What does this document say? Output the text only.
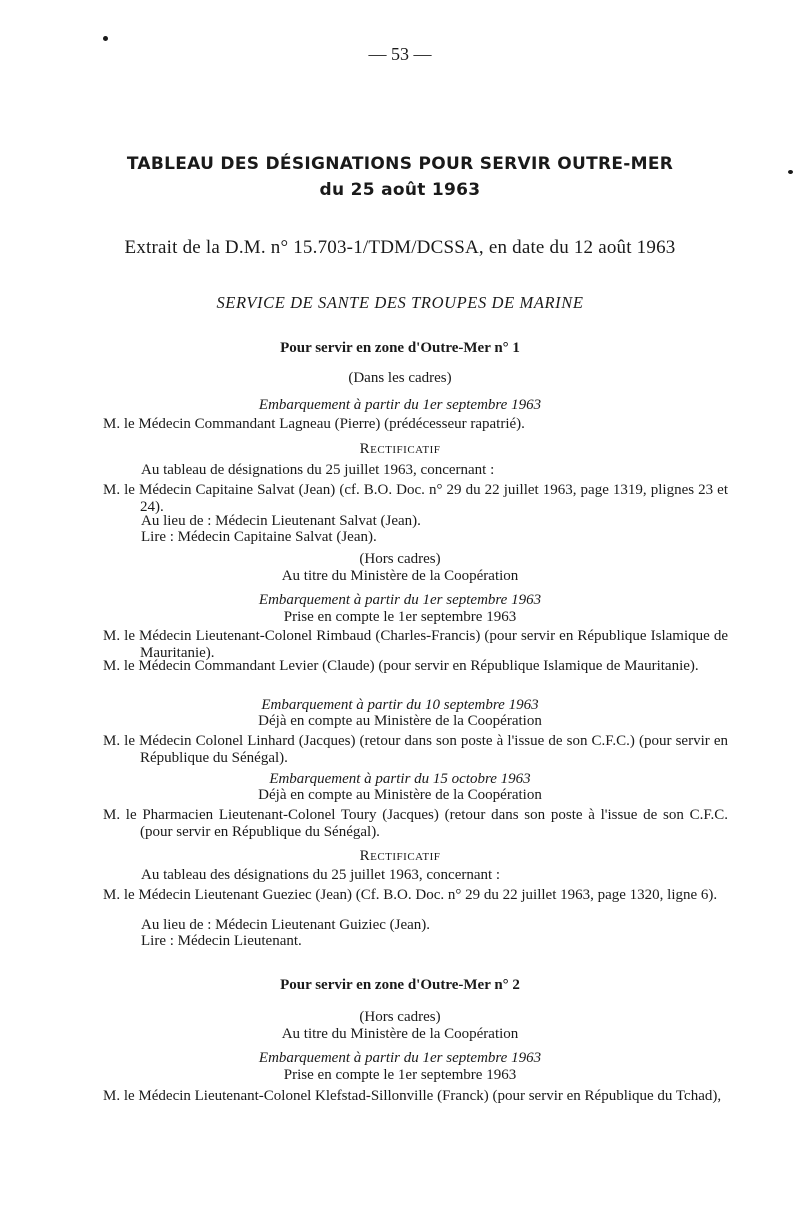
— 53 —
TABLEAU DES DÉSIGNATIONS POUR SERVIR OUTRE-MER
du 25 août 1963
Extrait de la D.M. n° 15.703-1/TDM/DCSSA, en date du 12 août 1963
SERVICE DE SANTE DES TROUPES DE MARINE
Pour servir en zone d'Outre-Mer n° 1
(Dans les cadres)
Embarquement à partir du 1er septembre 1963
M. le Médecin Commandant Lagneau (Pierre) (prédécesseur rapatrié).
Rectificatif
Au tableau de désignations du 25 juillet 1963, concernant :
M. le Médecin Capitaine Salvat (Jean) (cf. B.O. Doc. n° 29 du 22 juillet 1963, page 1319, plignes 23 et 24).
Au lieu de : Médecin Lieutenant Salvat (Jean).
Lire : Médecin Capitaine Salvat (Jean).
(Hors cadres)
Au titre du Ministère de la Coopération
Embarquement à partir du 1er septembre 1963
Prise en compte le 1er septembre 1963
M. le Médecin Lieutenant-Colonel Rimbaud (Charles-Francis) (pour servir en République Islamique de Mauritanie).
M. le Médecin Commandant Levier (Claude) (pour servir en République Islamique de Mauritanie).
Embarquement à partir du 10 septembre 1963
Déjà en compte au Ministère de la Coopération
M. le Médecin Colonel Linhard (Jacques) (retour dans son poste à l'issue de son C.F.C.) (pour servir en République du Sénégal).
Embarquement à partir du 15 octobre 1963
Déjà en compte au Ministère de la Coopération
M. le Pharmacien Lieutenant-Colonel Toury (Jacques) (retour dans son poste à l'issue de son C.F.C. (pour servir en République du Sénégal).
Rectificatif
Au tableau des désignations du 25 juillet 1963, concernant :
M. le Médecin Lieutenant Gueziec (Jean) (Cf. B.O. Doc. n° 29 du 22 juillet 1963, page 1320, ligne 6).
Au lieu de : Médecin Lieutenant Guiziec (Jean).
Lire : Médecin Lieutenant.
Pour servir en zone d'Outre-Mer n° 2
(Hors cadres)
Au titre du Ministère de la Coopération
Embarquement à partir du 1er septembre 1963
Prise en compte le 1er septembre 1963
M. le Médecin Lieutenant-Colonel Klefstad-Sillonville (Franck) (pour servir en République du Tchad),
